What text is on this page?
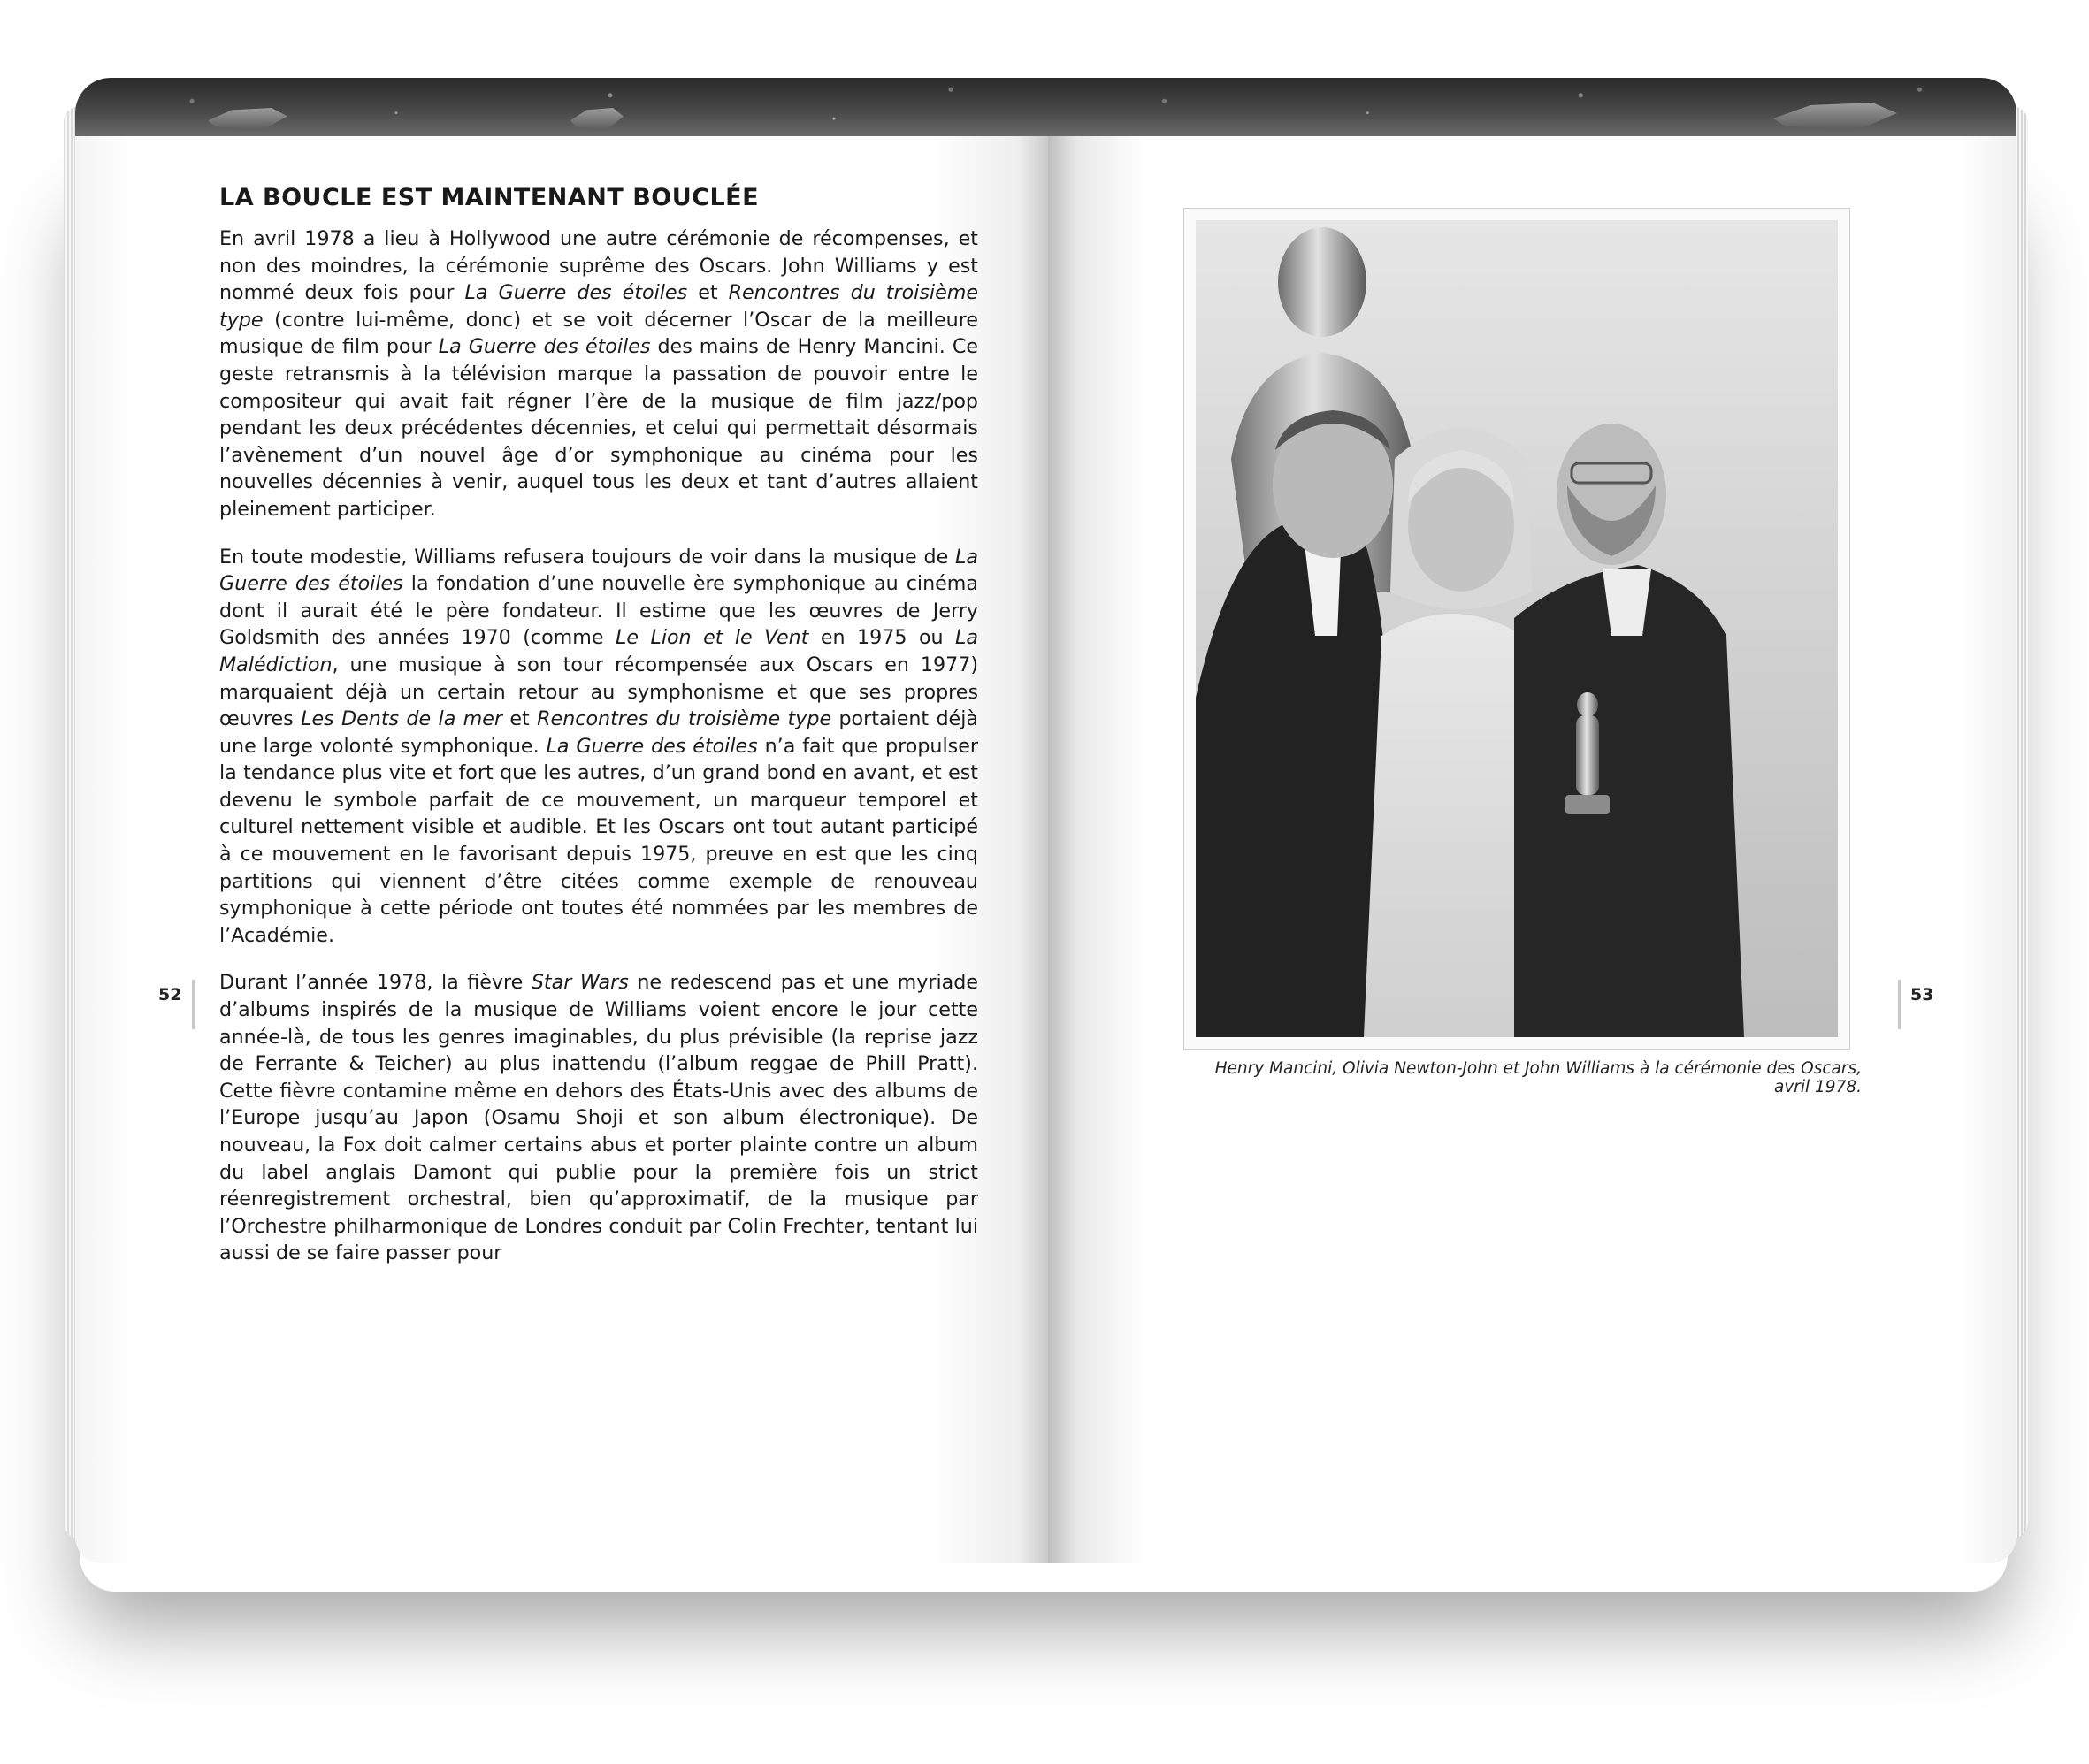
LA BOUCLE EST MAINTENANT BOUCLÉE

En avril 1978 a lieu à Hollywood une autre cérémonie de récompenses, et non des moindres, la cérémonie suprême des Oscars. John Williams y est nommé deux fois pour La Guerre des étoiles et Rencontres du troisième type (contre lui-même, donc) et se voit décerner l’Oscar de la meilleure musique de film pour La Guerre des étoiles des mains de Henry Mancini. Ce geste retransmis à la télévision marque la passation de pouvoir entre le compositeur qui avait fait régner l’ère de la musique de film jazz/pop pendant les deux précédentes décennies, et celui qui permettait désormais l’avènement d’un nouvel âge d’or symphonique au cinéma pour les nouvelles décennies à venir, auquel tous les deux et tant d’autres allaient pleinement participer.

En toute modestie, Williams refusera toujours de voir dans la musique de La Guerre des étoiles la fondation d’une nouvelle ère symphonique au cinéma dont il aurait été le père fondateur. Il estime que les œuvres de Jerry Goldsmith des années 1970 (comme Le Lion et le Vent en 1975 ou La Malédiction, une musique à son tour récompensée aux Oscars en 1977) marquaient déjà un certain retour au symphonisme et que ses propres œuvres Les Dents de la mer et Rencontres du troisième type portaient déjà une large volonté symphonique. La Guerre des étoiles n’a fait que propulser la tendance plus vite et fort que les autres, d’un grand bond en avant, et est devenu le symbole parfait de ce mouvement, un marqueur temporel et culturel nettement visible et audible. Et les Oscars ont tout autant participé à ce mouvement en le favorisant depuis 1975, preuve en est que les cinq partitions qui viennent d’être citées comme exemple de renouveau symphonique à cette période ont toutes été nommées par les membres de l’Académie.

Durant l’année 1978, la fièvre Star Wars ne redescend pas et une myriade d’albums inspirés de la musique de Williams voient encore le jour cette année-là, de tous les genres imaginables, du plus prévisible (la reprise jazz de Ferrante & Teicher) au plus inattendu (l’album reggae de Phill Pratt). Cette fièvre contamine même en dehors des États-Unis avec des albums de l’Europe jusqu’au Japon (Osamu Shoji et son album électronique). De nouveau, la Fox doit calmer certains abus et porter plainte contre un album du label anglais Damont qui publie pour la première fois un strict réenregistrement orchestral, bien qu’approximatif, de la musique par l’Orchestre philharmonique de Londres conduit par Colin Frechter, tentant lui aussi de se faire passer pour

52
Henry Mancini, Olivia Newton-John et John Williams à la cérémonie des Oscars, avril 1978.
53
